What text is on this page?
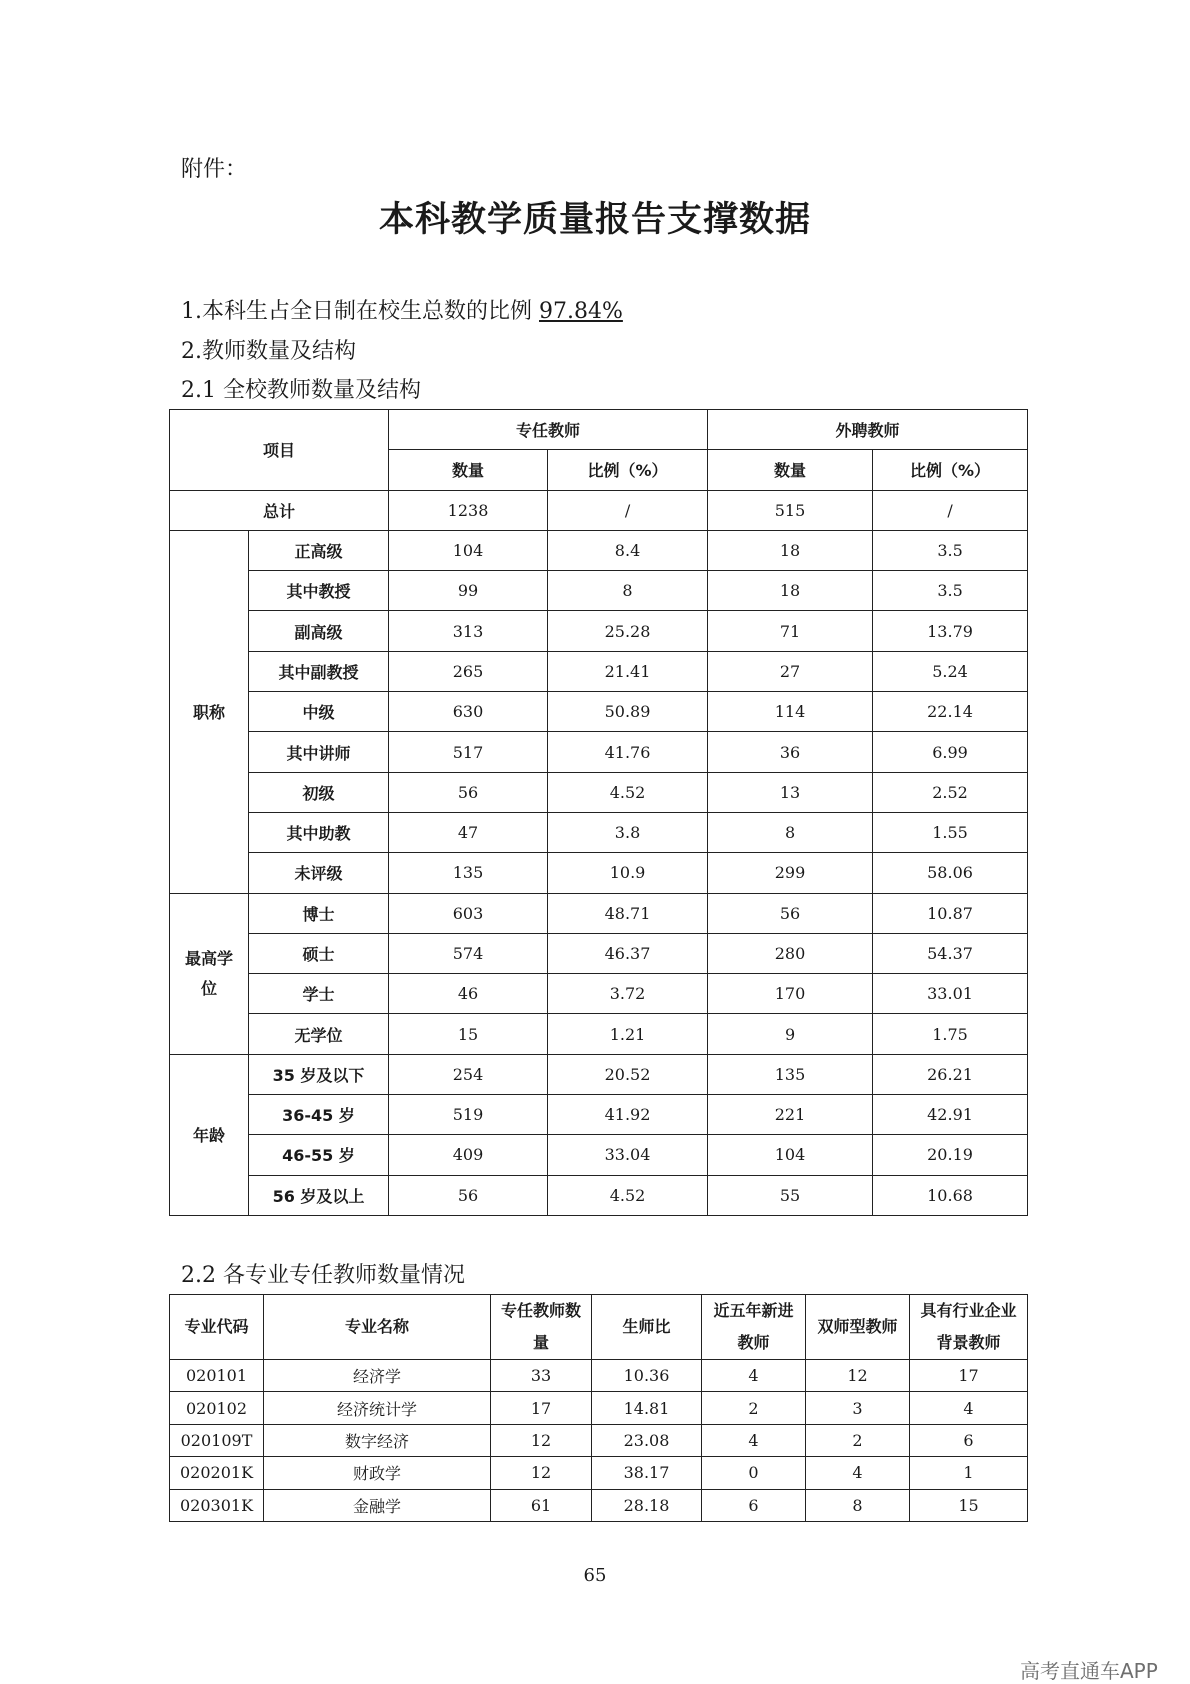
附件：
本科教学质量报告支撑数据
1.本科生占全日制在校生总数的比例 97.84%
2.教师数量及结构
2.1 全校教师数量及结构
项目		专任教师		外聘教师	
		数量	比例（%）	数量	比例（%）
总计		1238	/	515	/
职称	正高级	104	8.4	18	3.5
	其中教授	99	8	18	3.5
	副高级	313	25.28	71	13.79
	其中副教授	265	21.41	27	5.24
	中级	630	50.89	114	22.14
	其中讲师	517	41.76	36	6.99
	初级	56	4.52	13	2.52
	其中助教	47	3.8	8	1.55
	未评级	135	10.9	299	58.06
最高学位	博士	603	48.71	56	10.87
	硕士	574	46.37	280	54.37
	学士	46	3.72	170	33.01
	无学位	15	1.21	9	1.75
年龄	35 岁及以下	254	20.52	135	26.21
	36-45 岁	519	41.92	221	42.91
	46-55 岁	409	33.04	104	20.19
	56 岁及以上	56	4.52	55	10.68
2.2 各专业专任教师数量情况
专业代码	专业名称	专任教师数量	生师比	近五年新进教师	双师型教师	具有行业企业背景教师
020101	经济学	33	10.36	4	12	17
020102	经济统计学	17	14.81	2	3	4
020109T	数字经济	12	23.08	4	2	6
020201K	财政学	12	38.17	0	4	1
020301K	金融学	61	28.18	6	8	15
65
高考直通车APP
